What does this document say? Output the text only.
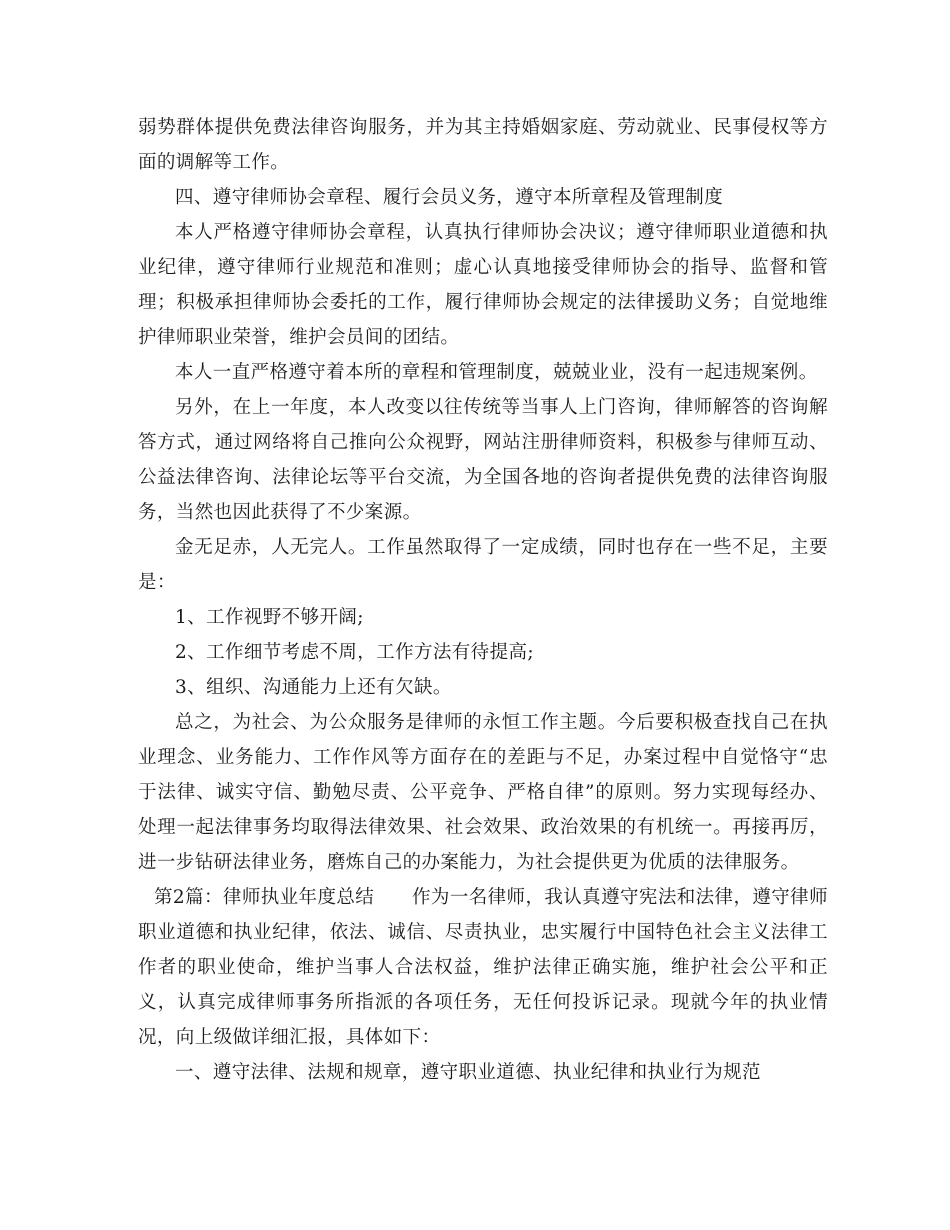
弱势群体提供免费法律咨询服务，并为其主持婚姻家庭、劳动就业、民事侵权等方面的调解等工作。

四、遵守律师协会章程、履行会员义务，遵守本所章程及管理制度

本人严格遵守律师协会章程，认真执行律师协会决议；遵守律师职业道德和执业纪律，遵守律师行业规范和准则；虚心认真地接受律师协会的指导、监督和管理；积极承担律师协会委托的工作，履行律师协会规定的法律援助义务；自觉地维护律师职业荣誉，维护会员间的团结。

本人一直严格遵守着本所的章程和管理制度，兢兢业业，没有一起违规案例。

另外，在上一年度，本人改变以往传统等当事人上门咨询，律师解答的咨询解答方式，通过网络将自己推向公众视野，网站注册律师资料，积极参与律师互动、公益法律咨询、法律论坛等平台交流，为全国各地的咨询者提供免费的法律咨询服务，当然也因此获得了不少案源。

金无足赤，人无完人。工作虽然取得了一定成绩，同时也存在一些不足，主要是：

1、工作视野不够开阔;

2、工作细节考虑不周，工作方法有待提高;

3、组织、沟通能力上还有欠缺。

总之，为社会、为公众服务是律师的永恒工作主题。今后要积极查找自己在执业理念、业务能力、工作作风等方面存在的差距与不足，办案过程中自觉恪守“忠于法律、诚实守信、勤勉尽责、公平竞争、严格自律”的原则。努力实现每经办、处理一起法律事务均取得法律效果、社会效果、政治效果的有机统一。再接再厉，进一步钻研法律业务，磨炼自己的办案能力，为社会提供更为优质的法律服务。

第2篇：律师执业年度总结　　作为一名律师，我认真遵守宪法和法律，遵守律师职业道德和执业纪律，依法、诚信、尽责执业，忠实履行中国特色社会主义法律工作者的职业使命，维护当事人合法权益，维护法律正确实施，维护社会公平和正义，认真完成律师事务所指派的各项任务，无任何投诉记录。现就今年的执业情况，向上级做详细汇报，具体如下：

一、遵守法律、法规和规章，遵守职业道德、执业纪律和执业行为规范
